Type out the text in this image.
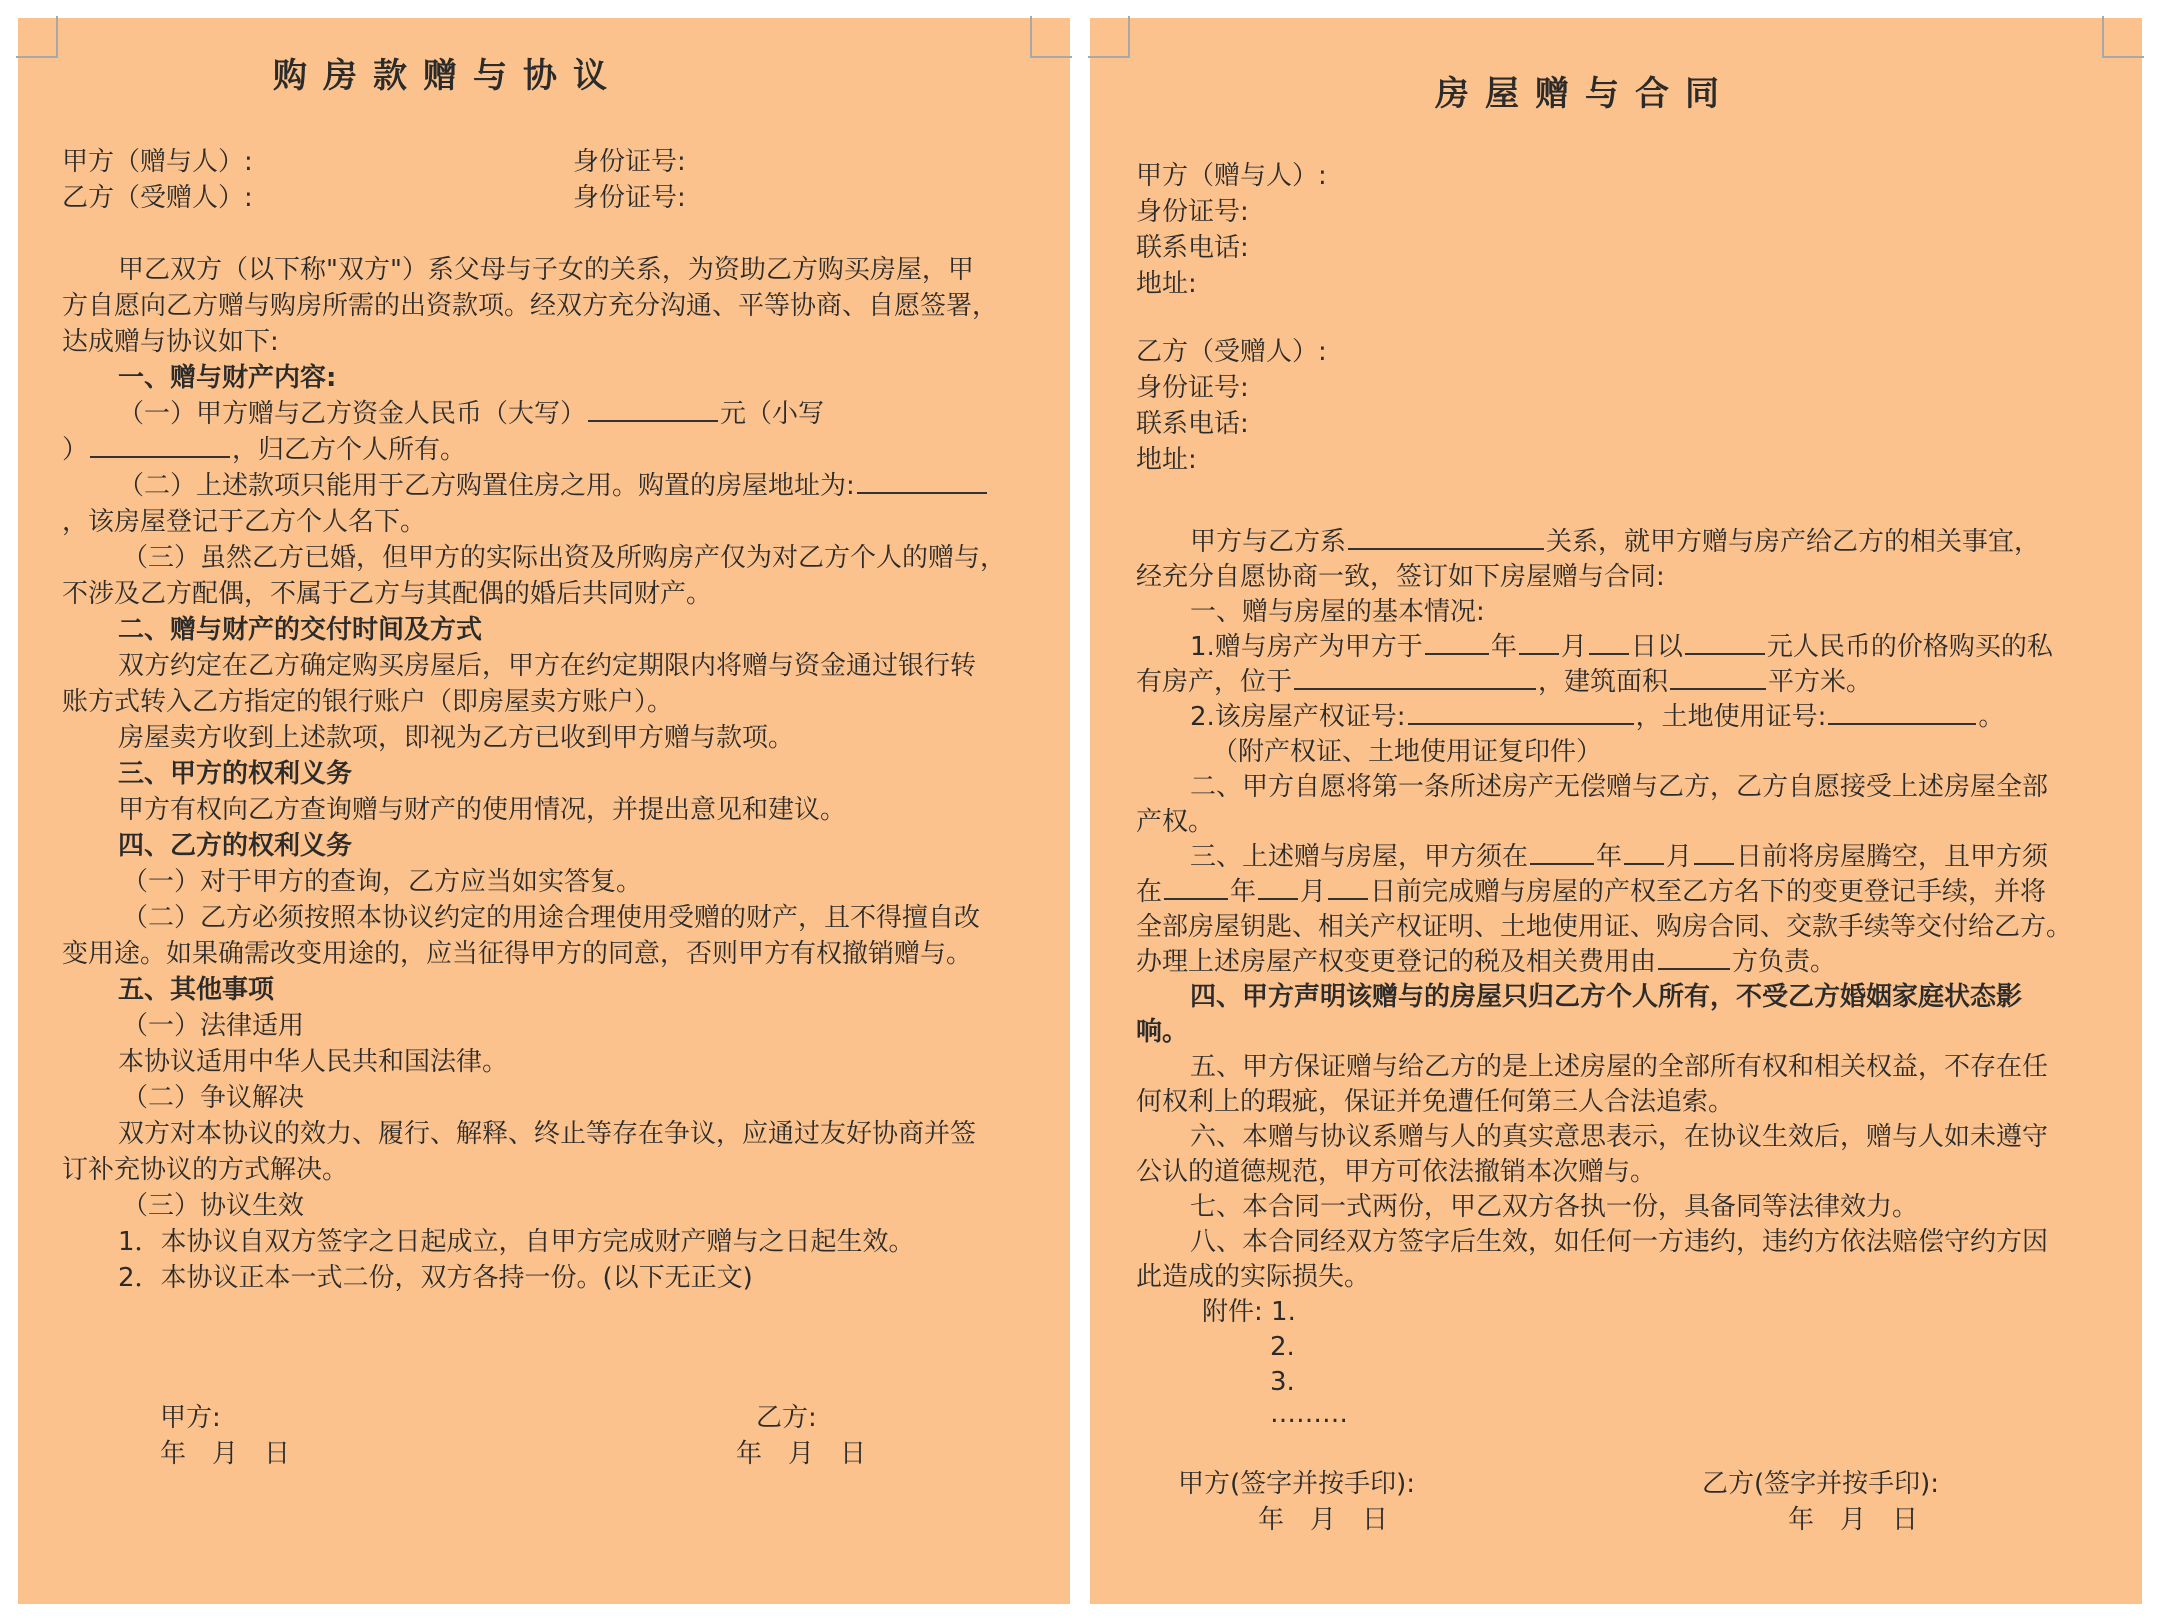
购房款赠与协议
甲方（赠与人）:	身份证号:
乙方（受赠人）:	身份证号:
甲乙双方（以下称"双方"）系父母与子女的关系，为资助乙方购买房屋，甲
方自愿向乙方赠与购房所需的出资款项。经双方充分沟通、平等协商、自愿签署，
达成赠与协议如下:
一、赠与财产内容:
（一）甲方赠与乙方资金人民币（大写）	元（小写
）	，归乙方个人所有。
（二）上述款项只能用于乙方购置住房之用。购置的房屋地址为:
，该房屋登记于乙方个人名下。
（三）虽然乙方已婚，但甲方的实际出资及所购房产仅为对乙方个人的赠与，
不涉及乙方配偶，不属于乙方与其配偶的婚后共同财产。
二、赠与财产的交付时间及方式
双方约定在乙方确定购买房屋后，甲方在约定期限内将赠与资金通过银行转
账方式转入乙方指定的银行账户（即房屋卖方账户）。
房屋卖方收到上述款项，即视为乙方已收到甲方赠与款项。
三、甲方的权利义务
甲方有权向乙方查询赠与财产的使用情况，并提出意见和建议。
四、乙方的权利义务
（一）对于甲方的查询，乙方应当如实答复。
（二）乙方必须按照本协议约定的用途合理使用受赠的财产，且不得擅自改
变用途。如果确需改变用途的，应当征得甲方的同意，否则甲方有权撤销赠与。
五、其他事项
（一）法律适用
本协议适用中华人民共和国法律。
（二）争议解决
双方对本协议的效力、履行、解释、终止等存在争议，应通过友好协商并签
订补充协议的方式解决。
（三）协议生效
1．本协议自双方签字之日起成立，自甲方完成财产赠与之日起生效。
2．本协议正本一式二份，双方各持一份。(以下无正文)
甲方:	乙方:
年　月　日	年　月　日
房屋赠与合同
甲方（赠与人）:
身份证号:
联系电话:
地址:
乙方（受赠人）:
身份证号:
联系电话:
地址:
甲方与乙方系	关系，就甲方赠与房产给乙方的相关事宜，
经充分自愿协商一致，签订如下房屋赠与合同:
一、赠与房屋的基本情况:
1.赠与房产为甲方于	年 月 日以	元人民币的价格购买的私
有房产，位于	，建筑面积	平方米。
2.该房屋产权证号:	，土地使用证号:	。
（附产权证、土地使用证复印件）
二、甲方自愿将第一条所述房产无偿赠与乙方，乙方自愿接受上述房屋全部
产权。
三、上述赠与房屋，甲方须在	年 月 日前将房屋腾空，且甲方须
在	年 月 日前完成赠与房屋的产权至乙方名下的变更登记手续，并将
全部房屋钥匙、相关产权证明、土地使用证、购房合同、交款手续等交付给乙方。
办理上述房屋产权变更登记的税及相关费用由	方负责。
四、甲方声明该赠与的房屋只归乙方个人所有，不受乙方婚姻家庭状态影
响。
五、甲方保证赠与给乙方的是上述房屋的全部所有权和相关权益，不存在任
何权利上的瑕疵，保证并免遭任何第三人合法追索。
六、本赠与协议系赠与人的真实意思表示，在协议生效后，赠与人如未遵守
公认的道德规范，甲方可依法撤销本次赠与。
七、本合同一式两份，甲乙双方各执一份，具备同等法律效力。
八、本合同经双方签字后生效，如任何一方违约，违约方依法赔偿守约方因
此造成的实际损失。
附件: 1.
2.
3.
………
甲方(签字并按手印):	乙方(签字并按手印):
年　月　日	年　月　日
